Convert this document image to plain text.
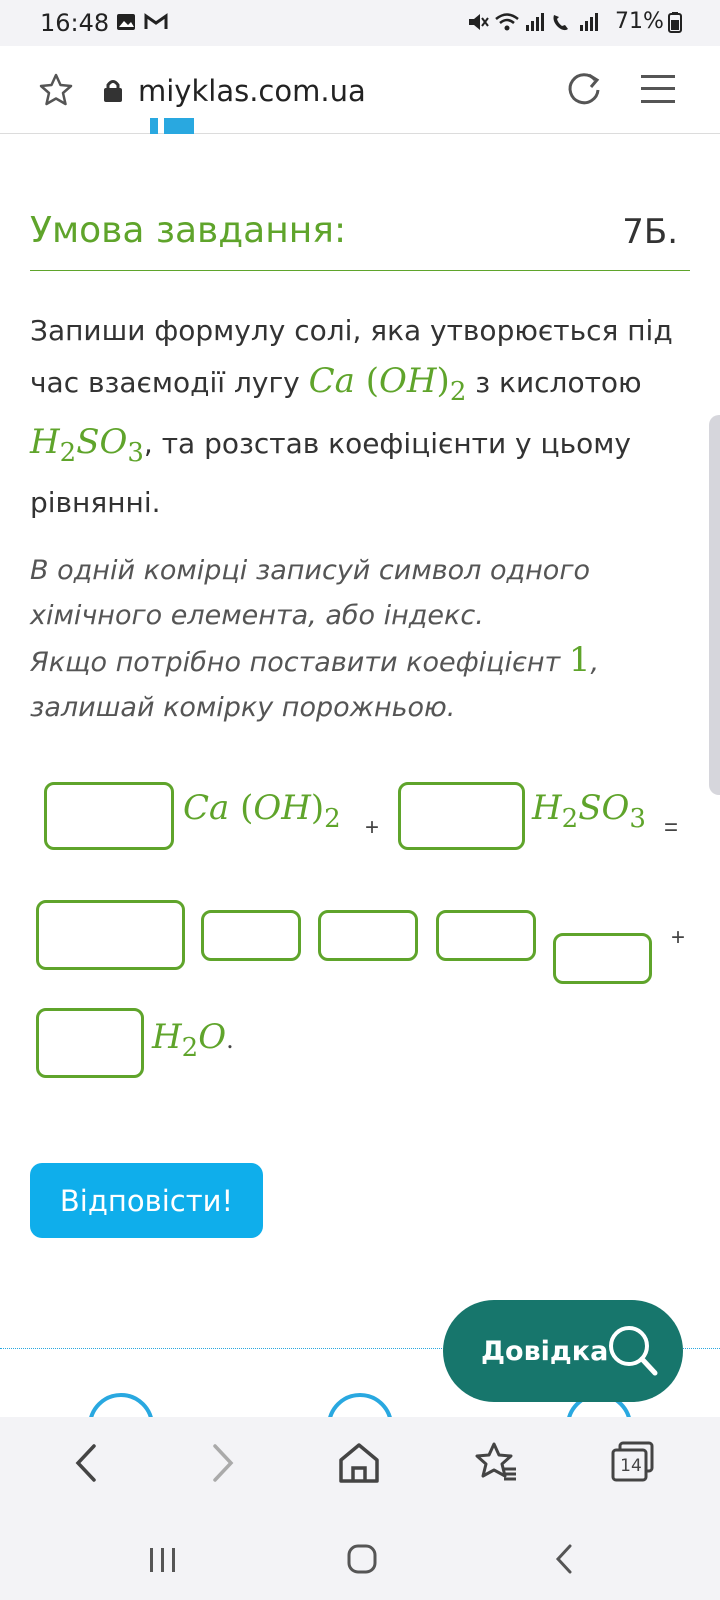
16:48	71%
miyklas.com.ua
Умова завдання:	7Б.
Запиши формулу солі, яка утворюється під час взаємодії лугу Ca $(OH)_2$ з кислотою $H_2SO_3$, та розстав коефіцієнти у цьому рівнянні.
В одній комірці записуй символ одного хімічного елемента, або індекс.
Якщо потрібно поставити коефіцієнт 1, залишай комірку порожньою.
Ca $(OH)_2$ +	$H_2SO_3$ =
+
$H_2O$.
Відповісти!
Довідка
14
